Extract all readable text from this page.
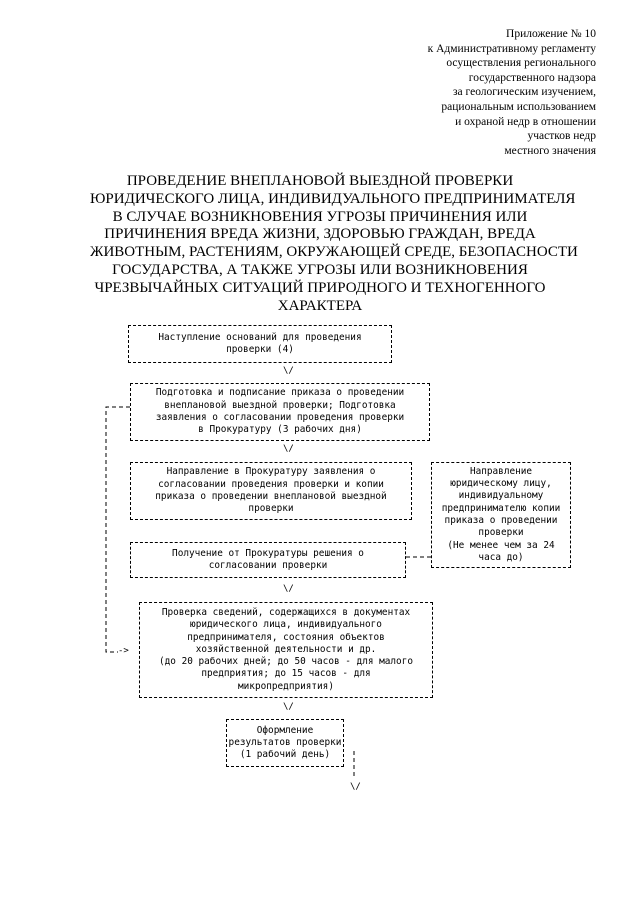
Приложение № 10
к Административному регламенту
осуществления регионального
государственного надзора
за геологическим изучением,
рациональным использованием
и охраной недр в отношении
участков недр
местного значения
ПРОВЕДЕНИЕ ВНЕПЛАНОВОЙ ВЫЕЗДНОЙ ПРОВЕРКИ
ЮРИДИЧЕСКОГО ЛИЦА, ИНДИВИДУАЛЬНОГО ПРЕДПРИНИМАТЕЛЯ
В СЛУЧАЕ ВОЗНИКНОВЕНИЯ УГРОЗЫ ПРИЧИНЕНИЯ ИЛИ
ПРИЧИНЕНИЯ ВРЕДА ЖИЗНИ, ЗДОРОВЬЮ ГРАЖДАН, ВРЕДА
ЖИВОТНЫМ, РАСТЕНИЯМ, ОКРУЖАЮЩЕЙ СРЕДЕ, БЕЗОПАСНОСТИ
ГОСУДАРСТВА, А ТАКЖЕ УГРОЗЫ ИЛИ ВОЗНИКНОВЕНИЯ
ЧРЕЗВЫЧАЙНЫХ СИТУАЦИЙ ПРИРОДНОГО И ТЕХНОГЕННОГО
ХАРАКТЕРА
Наступление оснований для проведения
проверки (4)
\/
Подготовка и подписание приказа о проведении
внеплановой выездной проверки; Подготовка
заявления о согласовании проведения проверки
в Прокуратуру (3 рабочих дня)
\/
Направление в Прокуратуру заявления о
согласовании проведения проверки и копии
приказа о проведении внеплановой выездной
проверки
Направление
юридическому лицу,
индивидуальному
предпринимателю копии
приказа о проведении
проверки
(Не менее чем за 24
часа до)
Получение от Прокуратуры решения о
согласовании проверки
\/
->
Проверка сведений, содержащихся в документах
юридического лица, индивидуального
предпринимателя, состояния объектов
хозяйственной деятельности и др.
(до 20 рабочих дней; до 50 часов - для малого
предприятия; до 15 часов - для
микропредприятия)
\/
Оформление
результатов проверки
(1 рабочий день)
\/
